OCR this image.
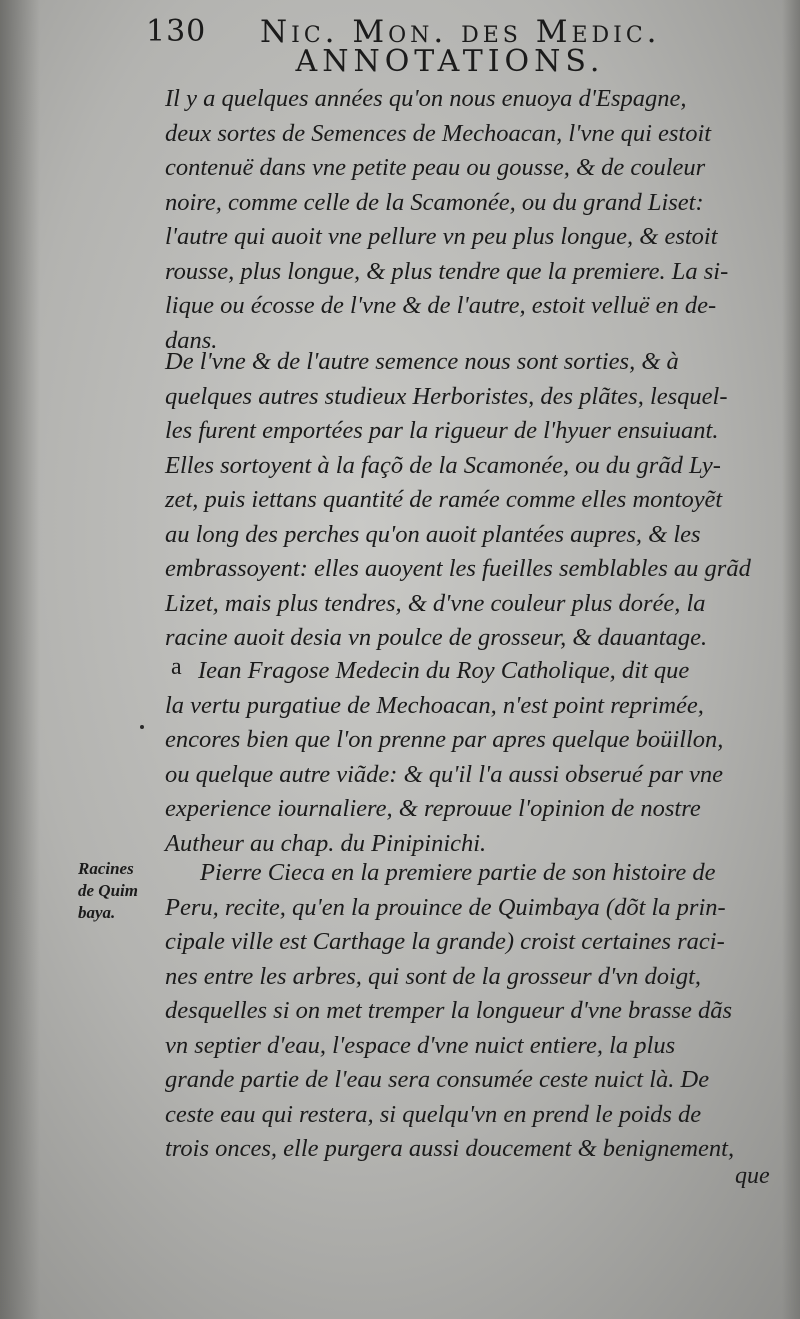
130 Nic. Mon. des Medic.
ANNOTATIONS.
Il y a quelques années qu'on nous enuoya d'Espagne,
deux sortes de Semences de Mechoacan, l'vne qui estoit
contenuë dans vne petite peau ou gousse, & de couleur
noire, comme celle de la Scamonée, ou du grand Liset:
l'autre qui auoit vne pellure vn peu plus longue, & estoit
rousse, plus longue, & plus tendre que la premiere. La si-
lique ou écosse de l'vne & de l'autre, estoit velluë en de-
dans.
De l'vne & de l'autre semence nous sont sorties, & à
quelques autres studieux Herboristes, des plãtes, lesquel-
les furent emportées par la rigueur de l'hyuer ensuiuant.
Elles sortoyent à la façõ de la Scamonée, ou du grãd Ly-
zet, puis iettans quantité de ramée comme elles montoyẽt
au long des perches qu'on auoit plantées aupres, & les
embrassoyent: elles auoyent les fueilles semblables au grãd
Lizet, mais plus tendres, & d'vne couleur plus dorée, la
racine auoit desia vn poulce de grosseur, & dauantage.
a Iean Fragose Medecin du Roy Catholique, dit que
la vertu purgatiue de Mechoacan, n'est point reprimée,
encores bien que l'on prenne par apres quelque boüillon,
ou quelque autre viãde: & qu'il l'a aussi obserué par vne
experience iournaliere, & reprouue l'opinion de nostre
Autheur au chap. du Pinipinichi.
Racines
de Quim
baya.
Pierre Cieca en la premiere partie de son histoire de
Peru, recite, qu'en la prouince de Quimbaya (dõt la prin-
cipale ville est Carthage la grande) croist certaines raci-
nes entre les arbres, qui sont de la grosseur d'vn doigt,
desquelles si on met tremper la longueur d'vne brasse dãs
vn septier d'eau, l'espace d'vne nuict entiere, la plus
grande partie de l'eau sera consumée ceste nuict là. De
ceste eau qui restera, si quelqu'vn en prend le poids de
trois onces, elle purgera aussi doucement & benignement,
que
